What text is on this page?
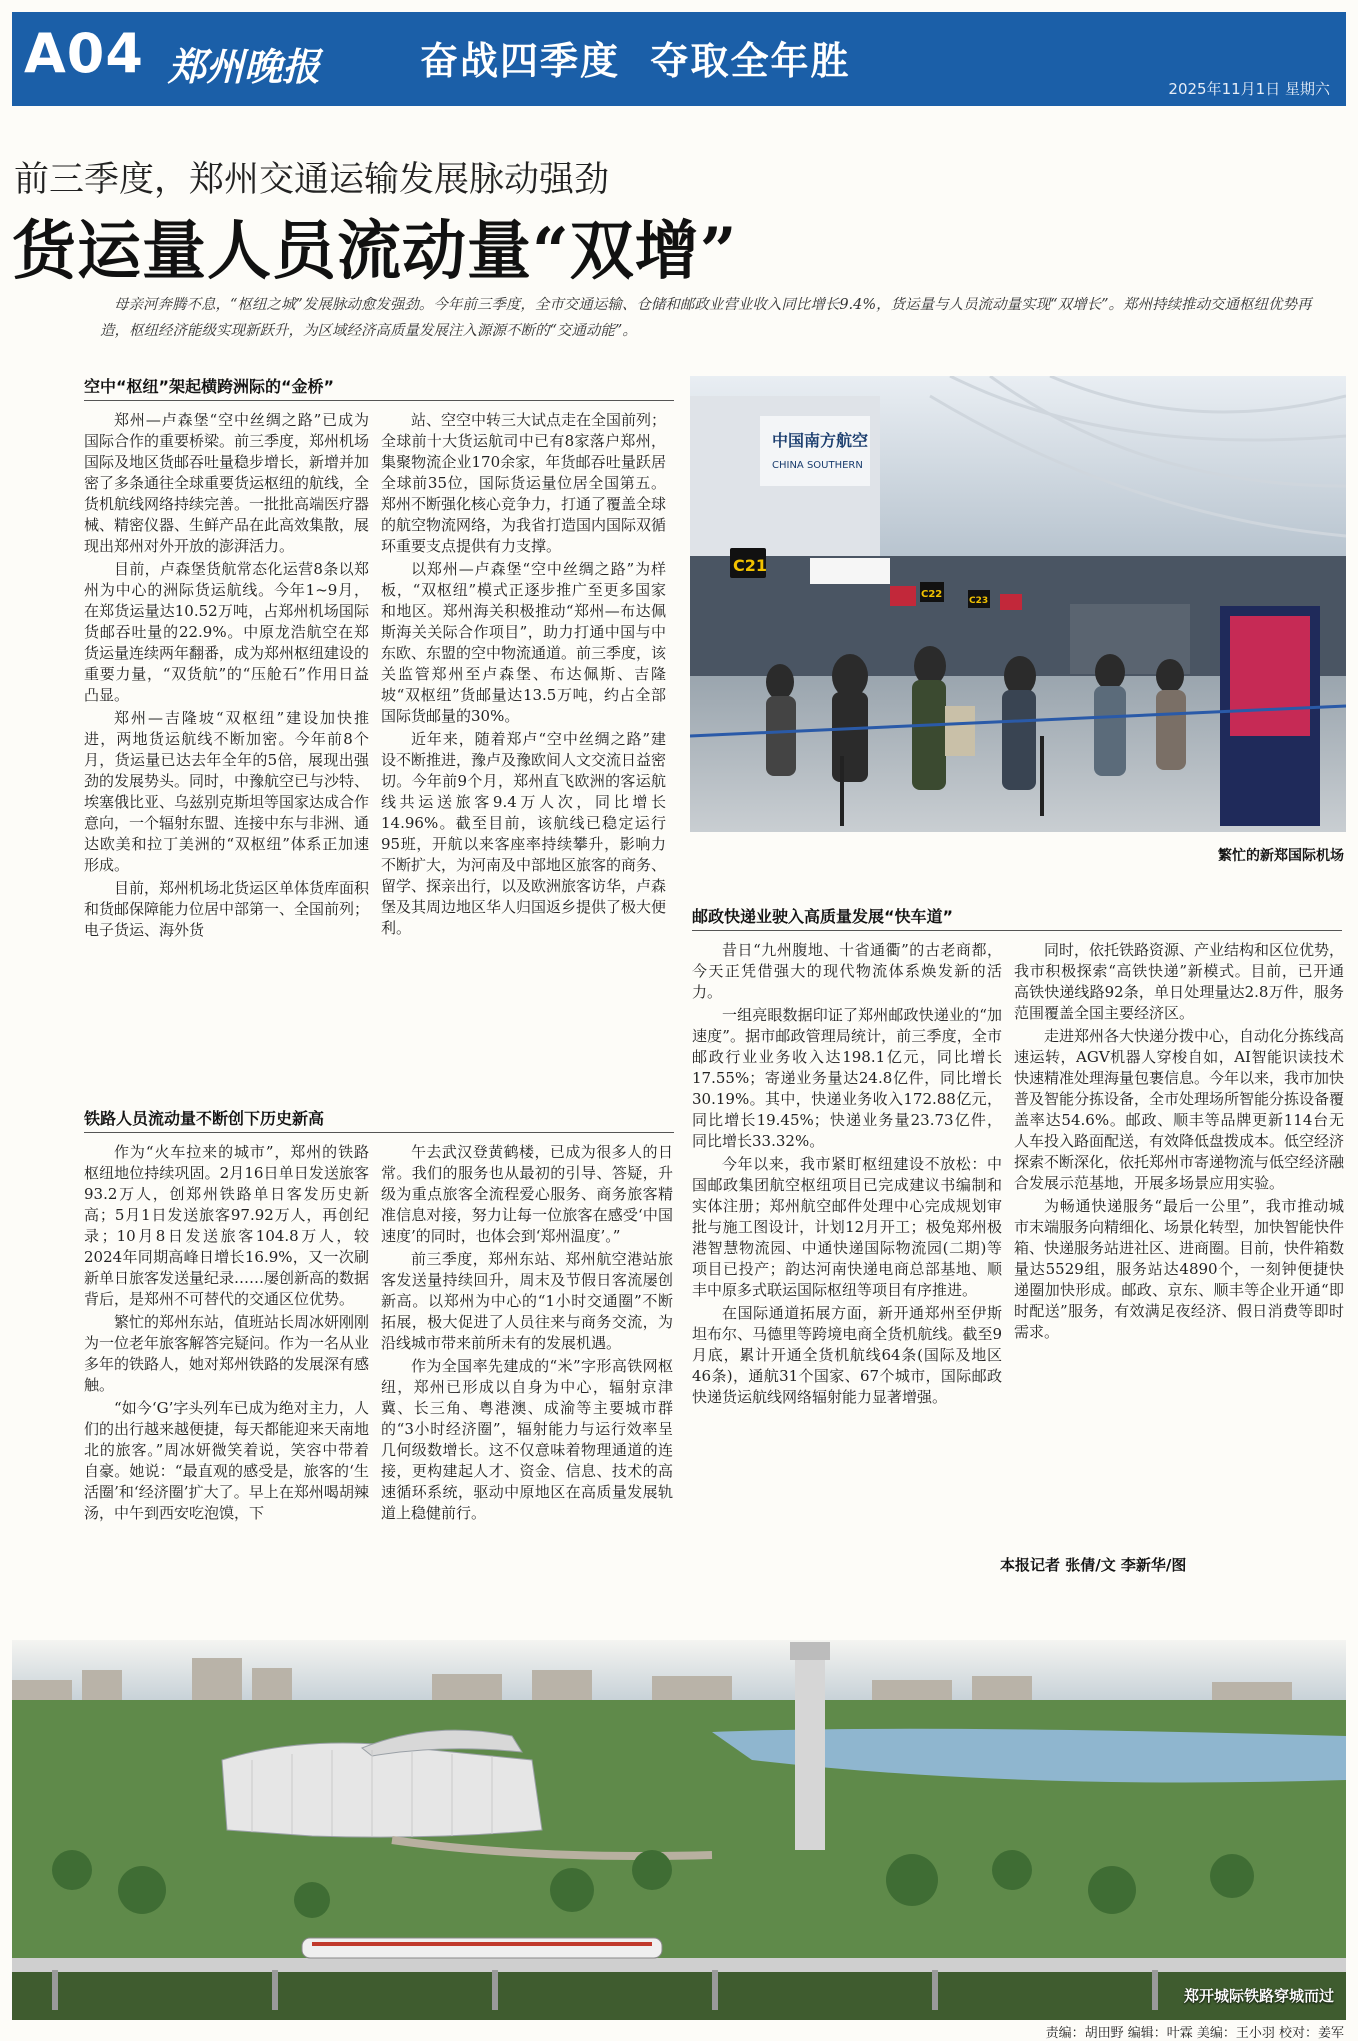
A04 郑州晚报	奋战四季度  夺取全年胜
2025年11月1日 星期六
前三季度，郑州交通运输发展脉动强劲
货运量人员流动量“双增”
母亲河奔腾不息，“枢纽之城”发展脉动愈发强劲。今年前三季度，全市交通运输、仓储和邮政业营业收入同比增长9.4%，货运量与人员流动量实现“双增长”。郑州持续推动交通枢纽优势再造，枢纽经济能级实现新跃升，为区域经济高质量发展注入源源不断的“交通动能”。
空中“枢纽”架起横跨洲际的“金桥”

郑州—卢森堡“空中丝绸之路”已成为国际合作的重要桥梁。前三季度，郑州机场国际及地区货邮吞吐量稳步增长，新增并加密了多条通往全球重要货运枢纽的航线，全货机航线网络持续完善。一批批高端医疗器械、精密仪器、生鲜产品在此高效集散，展现出郑州对外开放的澎湃活力。

目前，卢森堡货航常态化运营8条以郑州为中心的洲际货运航线。今年1~9月，在郑货运量达10.52万吨，占郑州机场国际货邮吞吐量的22.9%。中原龙浩航空在郑货运量连续两年翻番，成为郑州枢纽建设的重要力量，“双货航”的“压舱石”作用日益凸显。

郑州—吉隆坡“双枢纽”建设加快推进，两地货运航线不断加密。今年前8个月，货运量已达去年全年的5倍，展现出强劲的发展势头。同时，中豫航空已与沙特、埃塞俄比亚、乌兹别克斯坦等国家达成合作意向，一个辐射东盟、连接中东与非洲、通达欧美和拉丁美洲的“双枢纽”体系正加速形成。

目前，郑州机场北货运区单体货库面积和货邮保障能力位居中部第一、全国前列；电子货运、海外货

站、空空中转三大试点走在全国前列；全球前十大货运航司中已有8家落户郑州，集聚物流企业170余家，年货邮吞吐量跃居全球前35位，国际货运量位居全国第五。郑州不断强化核心竞争力，打通了覆盖全球的航空物流网络，为我省打造国内国际双循环重要支点提供有力支撑。

以郑州—卢森堡“空中丝绸之路”为样板，“双枢纽”模式正逐步推广至更多国家和地区。郑州海关积极推动“郑州—布达佩斯海关关际合作项目”，助力打通中国与中东欧、东盟的空中物流通道。前三季度，该关监管郑州至卢森堡、布达佩斯、吉隆坡“双枢纽”货邮量达13.5万吨，约占全部国际货邮量的30%。

近年来，随着郑卢“空中丝绸之路”建设不断推进，豫卢及豫欧间人文交流日益密切。今年前9个月，郑州直飞欧洲的客运航线共运送旅客9.4万人次，同比增长14.96%。截至目前，该航线已稳定运行95班，开航以来客座率持续攀升，影响力不断扩大，为河南及中部地区旅客的商务、留学、探亲出行，以及欧洲旅客访华，卢森堡及其周边地区华人归国返乡提供了极大便利。

中国南方航空
CHINA SOUTHERN
C21
C22
C23
繁忙的新郑国际机场
邮政快递业驶入高质量发展“快车道”

昔日“九州腹地、十省通衢”的古老商都，今天正凭借强大的现代物流体系焕发新的活力。

一组亮眼数据印证了郑州邮政快递业的“加速度”。据市邮政管理局统计，前三季度，全市邮政行业业务收入达198.1亿元，同比增长17.55%；寄递业务量达24.8亿件，同比增长30.19%。其中，快递业务收入172.88亿元，同比增长19.45%；快递业务量23.73亿件，同比增长33.32%。

今年以来，我市紧盯枢纽建设不放松：中国邮政集团航空枢纽项目已完成建议书编制和实体注册；郑州航空邮件处理中心完成规划审批与施工图设计，计划12月开工；极兔郑州极港智慧物流园、中通快递国际物流园(二期)等项目已投产；韵达河南快递电商总部基地、顺丰中原多式联运国际枢纽等项目有序推进。

在国际通道拓展方面，新开通郑州至伊斯坦布尔、马德里等跨境电商全货机航线。截至9月底，累计开通全货机航线64条(国际及地区46条)，通航31个国家、67个城市，国际邮政快递货运航线网络辐射能力显著增强。

同时，依托铁路资源、产业结构和区位优势，我市积极探索“高铁快递”新模式。目前，已开通高铁快递线路92条，单日处理量达2.8万件，服务范围覆盖全国主要经济区。

走进郑州各大快递分拨中心，自动化分拣线高速运转，AGV机器人穿梭自如，AI智能识读技术快速精准处理海量包裹信息。今年以来，我市加快普及智能分拣设备，全市处理场所智能分拣设备覆盖率达54.6%。邮政、顺丰等品牌更新114台无人车投入路面配送，有效降低盘拨成本。低空经济探索不断深化，依托郑州市寄递物流与低空经济融合发展示范基地，开展多场景应用实验。

为畅通快递服务“最后一公里”，我市推动城市末端服务向精细化、场景化转型，加快智能快件箱、快递服务站进社区、进商圈。目前，快件箱数量达5529组，服务站达4890个，一刻钟便捷快递圈加快形成。邮政、京东、顺丰等企业开通“即时配送”服务，有效满足夜经济、假日消费等即时需求。

本报记者 张倩/文 李新华/图
铁路人员流动量不断创下历史新高

作为“火车拉来的城市”，郑州的铁路枢纽地位持续巩固。2月16日单日发送旅客93.2万人，创郑州铁路单日客发历史新高；5月1日发送旅客97.92万人，再创纪录；10月8日发送旅客104.8万人，较2024年同期高峰日增长16.9%，又一次刷新单日旅客发送量纪录……屡创新高的数据背后，是郑州不可替代的交通区位优势。

繁忙的郑州东站，值班站长周冰妍刚刚为一位老年旅客解答完疑问。作为一名从业多年的铁路人，她对郑州铁路的发展深有感触。

“如今‘G’字头列车已成为绝对主力，人们的出行越来越便捷，每天都能迎来天南地北的旅客。”周冰妍微笑着说，笑容中带着自豪。她说：“最直观的感受是，旅客的‘生活圈’和‘经济圈’扩大了。早上在郑州喝胡辣汤，中午到西安吃泡馍，下

午去武汉登黄鹤楼，已成为很多人的日常。我们的服务也从最初的引导、答疑，升级为重点旅客全流程爱心服务、商务旅客精准信息对接，努力让每一位旅客在感受‘中国速度’的同时，也体会到‘郑州温度’。”

前三季度，郑州东站、郑州航空港站旅客发送量持续回升，周末及节假日客流屡创新高。以郑州为中心的“1小时交通圈”不断拓展，极大促进了人员往来与商务交流，为沿线城市带来前所未有的发展机遇。

作为全国率先建成的“米”字形高铁网枢纽，郑州已形成以自身为中心，辐射京津冀、长三角、粤港澳、成渝等主要城市群的“3小时经济圈”，辐射能力与运行效率呈几何级数增长。这不仅意味着物理通道的连接，更构建起人才、资金、信息、技术的高速循环系统，驱动中原地区在高质量发展轨道上稳健前行。

郑开城际铁路穿城而过
责编：胡田野 编辑：叶霖 美编：王小羽 校对：姜军
